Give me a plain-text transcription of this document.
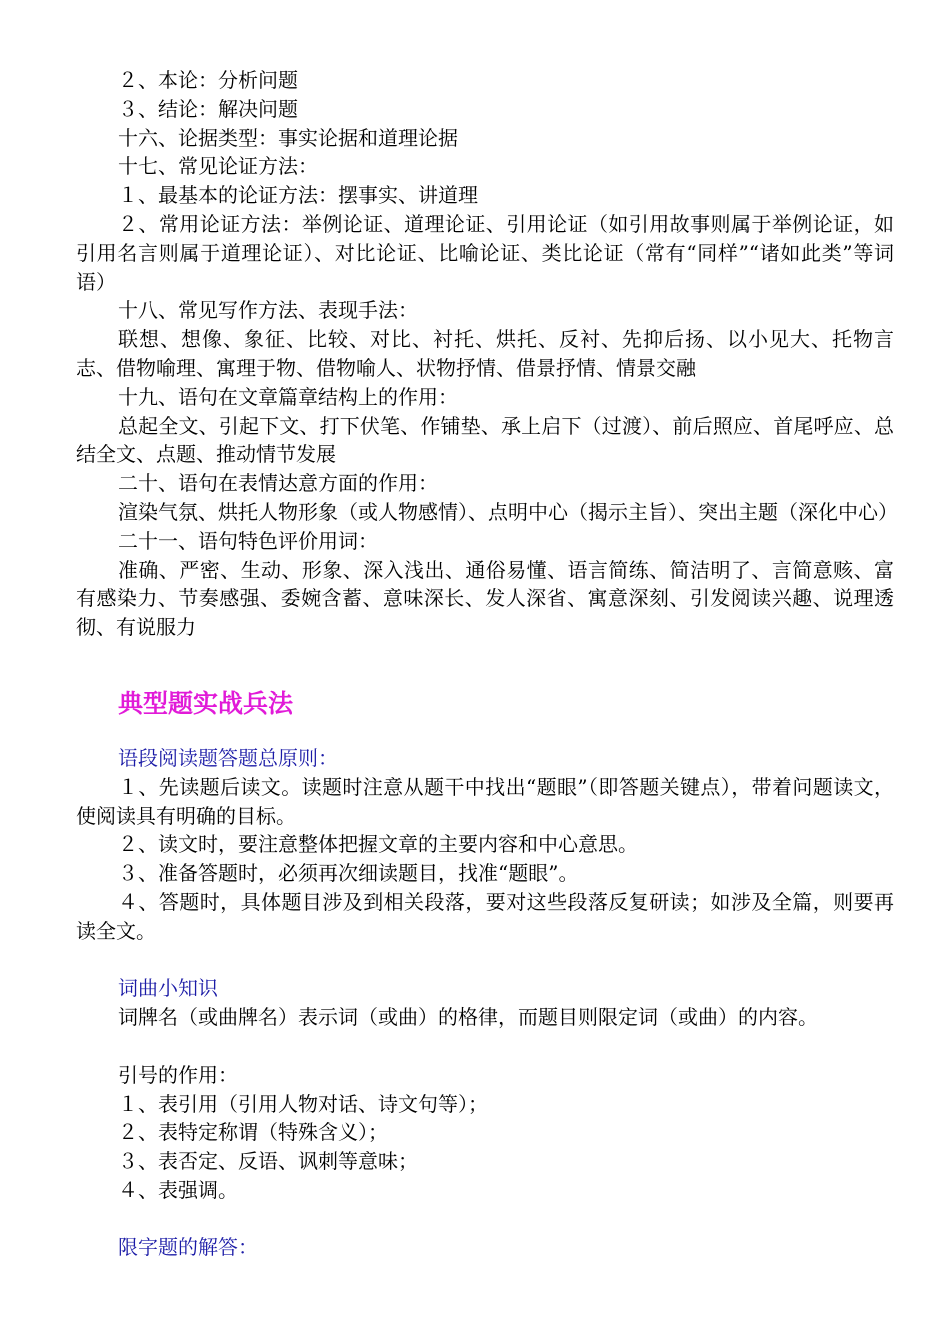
２、本论：分析问题

３、结论：解决问题

十六、论据类型：事实论据和道理论据

十七、常见论证方法：

１、最基本的论证方法：摆事实、讲道理

２、常用论证方法：举例论证、道理论证、引用论证（如引用故事则属于举例论证，如引用名言则属于道理论证）、对比论证、比喻论证、类比论证（常有“同样”“诸如此类”等词语）

十八、常见写作方法、表现手法：

联想、想像、象征、比较、对比、衬托、烘托、反衬、先抑后扬、以小见大、托物言志、借物喻理、寓理于物、借物喻人、状物抒情、借景抒情、情景交融

十九、语句在文章篇章结构上的作用：

总起全文、引起下文、打下伏笔、作铺垫、承上启下（过渡）、前后照应、首尾呼应、总结全文、点题、推动情节发展

二十、语句在表情达意方面的作用：

渲染气氛、烘托人物形象（或人物感情）、点明中心（揭示主旨）、突出主题（深化中心）

二十一、语句特色评价用词：

准确、严密、生动、形象、深入浅出、通俗易懂、语言简练、简洁明了、言简意赅、富有感染力、节奏感强、委婉含蓄、意味深长、发人深省、寓意深刻、引发阅读兴趣、说理透彻、有说服力

典型题实战兵法

语段阅读题答题总原则：

１、先读题后读文。读题时注意从题干中找出“题眼”（即答题关键点），带着问题读文，使阅读具有明确的目标。

２、读文时，要注意整体把握文章的主要内容和中心意思。

３、准备答题时，必须再次细读题目，找准“题眼”。

４、答题时，具体题目涉及到相关段落，要对这些段落反复研读；如涉及全篇，则要再读全文。

词曲小知识

词牌名（或曲牌名）表示词（或曲）的格律，而题目则限定词（或曲）的内容。

引号的作用：

１、表引用（引用人物对话、诗文句等）；

２、表特定称谓（特殊含义）；

３、表否定、反语、讽刺等意味；

４、表强调。

限字题的解答：
